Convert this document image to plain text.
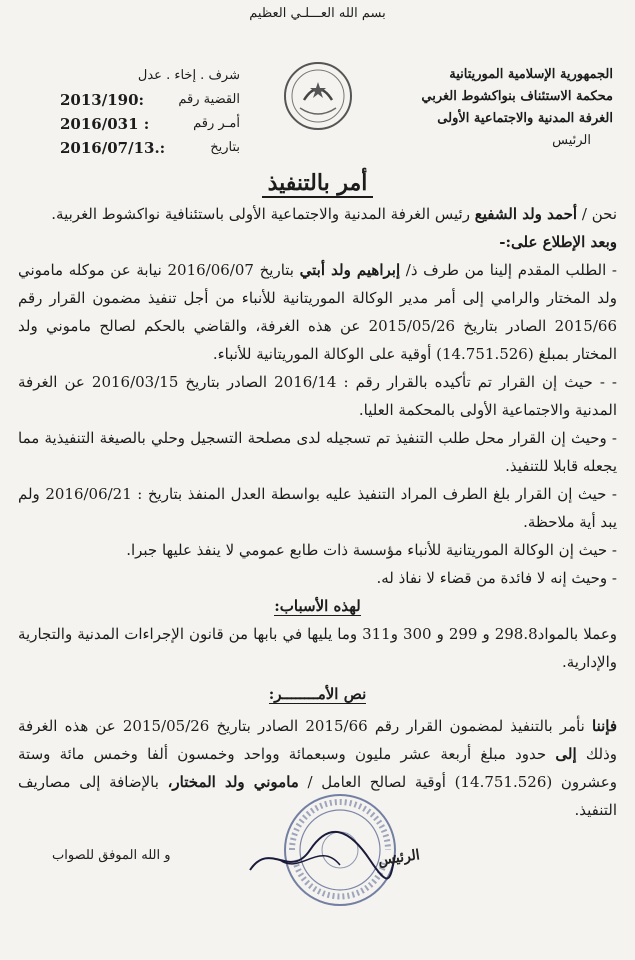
بسم الله العـــلـي العظيم
الجمهورية الإسلامية الموريتانية
محكمة الاستئناف بنواكشوط الغربي
الغرفة المدنية والاجتماعية الأولى
الرئيس
شرف . إخاء . عدل
القضية رقم
:2013/190
أمـر رقم
: 2016/031
بتاريخ
:.2016/07/13
أمر بالتنفيذ

نحن / أحمد ولد الشفيع رئيس الغرفة المدنية والاجتماعية الأولى باستئنافية نواكشوط الغربية.

وبعد الإطلاع على:-

- الطلب المقدم إلينا من طرف ذ/ إبراهيم ولد أبتي بتاريخ 2016/06/07 نيابة عن موكله ماموني ولد المختار والرامي إلى أمر مدير الوكالة الموريتانية للأنباء من أجل تنفيذ مضمون القرار رقم 2015/66 الصادر بتاريخ 2015/05/26 عن هذه الغرفة، والقاضي بالحكم لصالح ماموني ولد المختار بمبلغ (14.751.526) أوقية على الوكالة الموريتانية للأنباء.

- - حيث إن القرار تم تأكيده بالقرار رقم : 2016/14 الصادر بتاريخ 2016/03/15 عن الغرفة المدنية والاجتماعية الأولى بالمحكمة العليا.

- وحيث إن القرار محل طلب التنفيذ تم تسجيله لدى مصلحة التسجيل وحلي بالصيغة التنفيذية مما يجعله قابلا للتنفيذ.

- حيث إن القرار بلغ الطرف المراد التنفيذ عليه بواسطة العدل المنفذ بتاريخ : 2016/06/21 ولم يبد أية ملاحظة.

- حيث إن الوكالة الموريتانية للأنباء مؤسسة ذات طابع عمومي لا ينفذ عليها جبرا.

- وحيث إنه لا فائدة من قضاء لا نفاذ له.

لهذه الأسباب:

وعملا بالمواد298.8 و 299 و 300 و311 وما يليها في بابها من قانون الإجراءات المدنية والتجارية والإدارية.

نص الأمــــــــر:

فإننا نأمر بالتنفيذ لمضمون القرار رقم 2015/66 الصادر بتاريخ 2015/05/26 عن هذه الغرفة وذلك إلى حدود مبلغ أربعة عشر مليون وسبعمائة وواحد وخمسون ألفا وخمس مائة وستة وعشرون (14.751.526) أوقية لصالح العامل / ماموني ولد المختار، بالإضافة إلى مصاريف التنفيذ.

الرئيس
و الله الموفق للصواب
